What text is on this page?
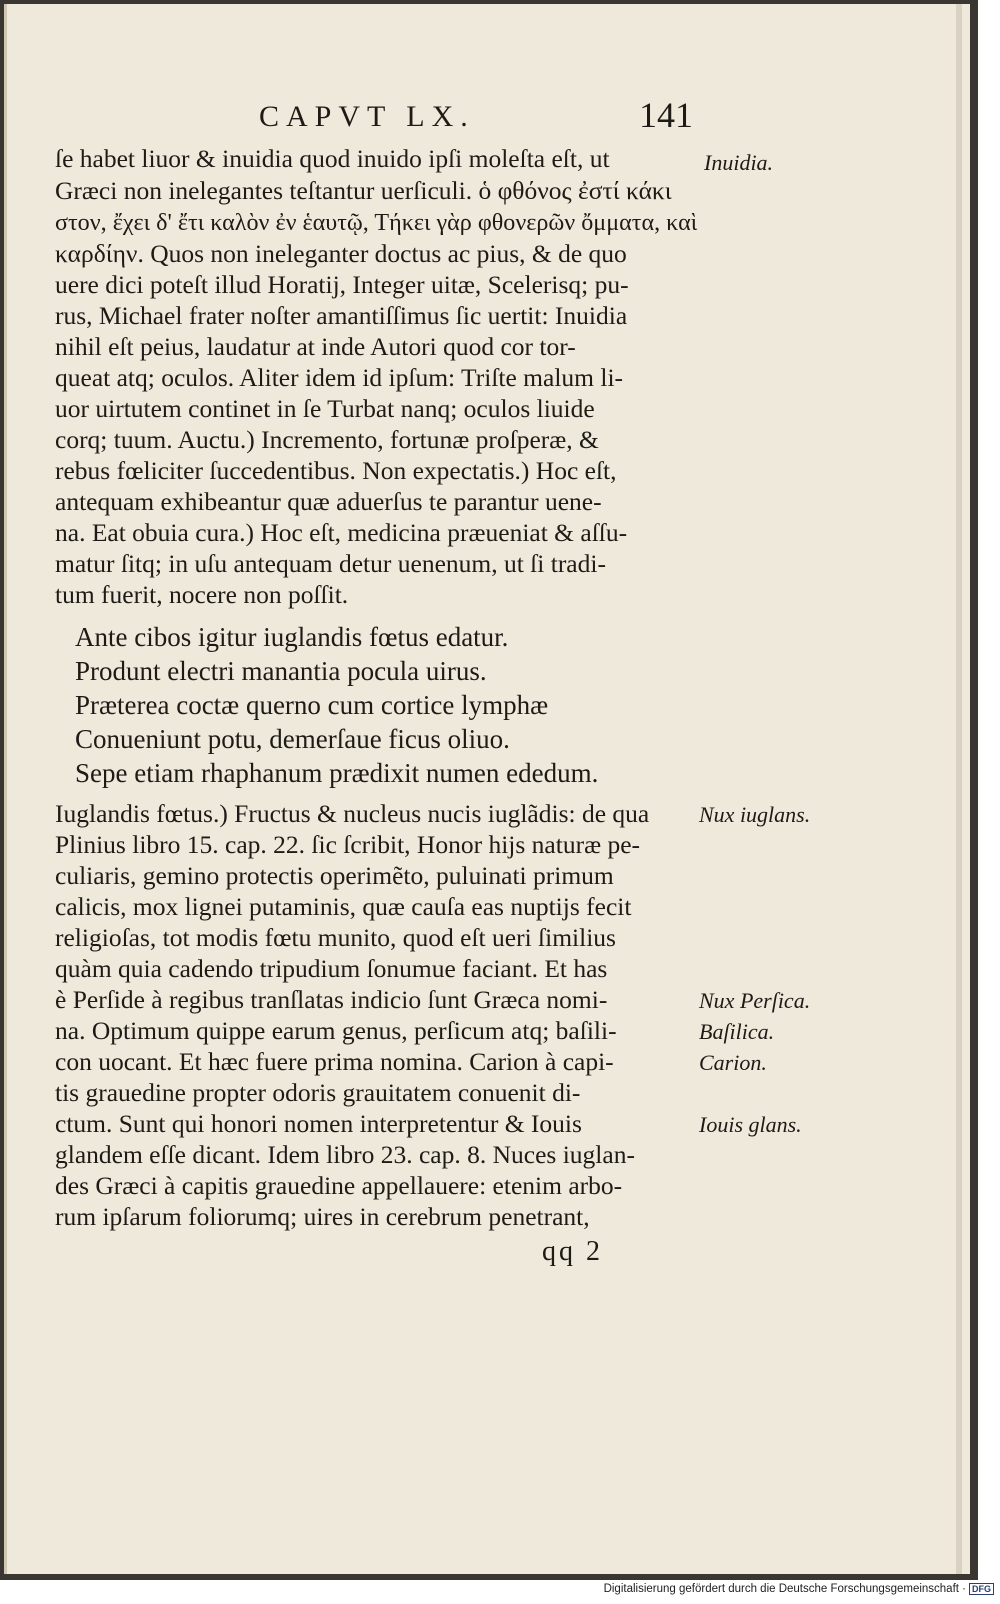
CAPVT LX.	141
ſe habet liuor & inuidia quod inuido ipſi moleſta eſt, ut
Græci non inelegantes teſtantur uerſiculi. ὁ φθόνος ἐστί κάκι
στον, ἔχει δ' ἔτι καλὸν ἐν ἑαυτῷ, Τήκει γὰρ φθονερῶν ὄμματα, καὶ
καρδίην. Quos non ineleganter doctus ac pius, & de quo
uere dici poteſt illud Horatij, Integer uitæ, Scelerisq; pu-
rus, Michael frater noſter amantiſſimus ſic uertit: Inuidia
nihil eſt peius, laudatur at inde Autori quod cor tor-
queat atq; oculos. Aliter idem id ipſum: Triſte malum li-
uor uirtutem continet in ſe Turbat nanq; oculos liuide
corq; tuum. Auctu.) Incremento, fortunæ proſperæ, &
rebus fœliciter ſuccedentibus. Non expectatis.) Hoc eſt,
antequam exhibeantur quæ aduerſus te parantur uene-
na. Eat obuia cura.) Hoc eſt, medicina præueniat & aſſu-
matur ſitq; in uſu antequam detur uenenum, ut ſi tradi-
tum fuerit, nocere non poſſit.
Ante cibos igitur iuglandis fœtus edatur.
Produnt electri manantia pocula uirus.
Præterea coctæ querno cum cortice lymphæ
Conueniunt potu, demerſaue ficus oliuo.
Sepe etiam rhaphanum prædixit numen ededum.
Iuglandis fœtus.) Fructus & nucleus nucis iuglãdis: de qua
Plinius libro 15. cap. 22. ſic ſcribit, Honor hijs naturæ pe-
culiaris, gemino protectis operimẽto, puluinati primum
calicis, mox lignei putaminis, quæ cauſa eas nuptijs fecit
religioſas, tot modis fœtu munito, quod eſt ueri ſimilius
quàm quia cadendo tripudium ſonumue faciant. Et has
è Perſide à regibus tranſlatas indicio ſunt Græca nomi-
na. Optimum quippe earum genus, perſicum atq; baſili-
con uocant. Et hæc fuere prima nomina. Carion à capi-
tis grauedine propter odoris grauitatem conuenit di-
ctum. Sunt qui honori nomen interpretentur & Iouis
glandem eſſe dicant. Idem libro 23. cap. 8. Nuces iuglan-
des Græci à capitis grauedine appellauere: etenim arbo-
rum ipſarum foliorumq; uires in cerebrum penetrant,
Inuidia.
Nux iuglans.
Nux Perſica.
Baſilica.
Carion.
Iouis glans.
qq 2
Digitalisierung gefördert durch die Deutsche Forschungsgemeinschaft · DFG
